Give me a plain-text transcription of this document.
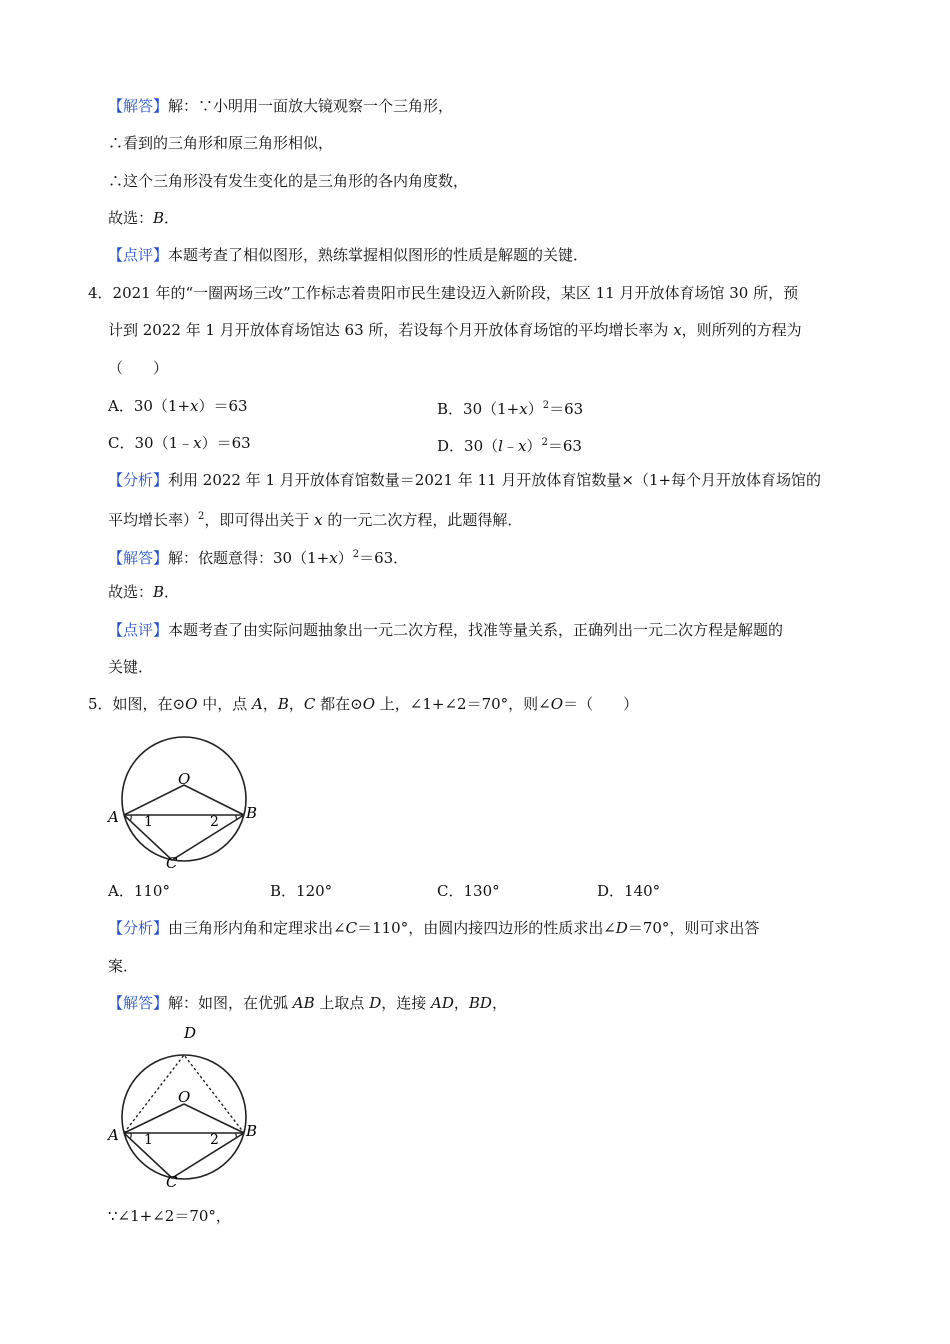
【解答】解：∵小明用一面放大镜观察一个三角形，
∴看到的三角形和原三角形相似，
∴这个三角形没有发生变化的是三角形的各内角度数，
故选：B．
【点评】本题考查了相似图形，熟练掌握相似图形的性质是解题的关键．
4．2021 年的“一圈两场三改”工作标志着贵阳市民生建设迈入新阶段，某区 11 月开放体育场馆 30 所，预
计到 2022 年 1 月开放体育场馆达 63 所，若设每个月开放体育场馆的平均增长率为 x，则所列的方程为
（　　）
A．30（1+x）＝63	B．$30(1+x)^2=63$
C．30（1﹣x）＝63	D．30（l﹣x）$^2$＝63
【分析】利用 2022 年 1 月开放体育馆数量＝2021 年 11 月开放体育馆数量×（1+每个月开放体育场馆的
平均增长率）$^2$，即可得出关于 x 的一元二次方程，此题得解．
【解答】解：依题意得：$30(1+x)^2=63$．
故选：B．
【点评】本题考查了由实际问题抽象出一元二次方程，找准等量关系，正确列出一元二次方程是解题的
关键．
5．如图，在⊙O 中，点 A，B，C 都在⊙O 上，∠1+∠2＝70°，则∠O＝（　　）
O
A	B
C
1	2
A．110°	B．120°	C．130°	D．140°
【分析】由三角形内角和定理求出∠C＝110°，由圆内接四边形的性质求出∠D＝70°，则可求出答
案．
【解答】解：如图，在优弧 AB 上取点 D，连接 AD，BD，
D
O
A	B
C
1	2
∵∠1+∠2＝70°，
